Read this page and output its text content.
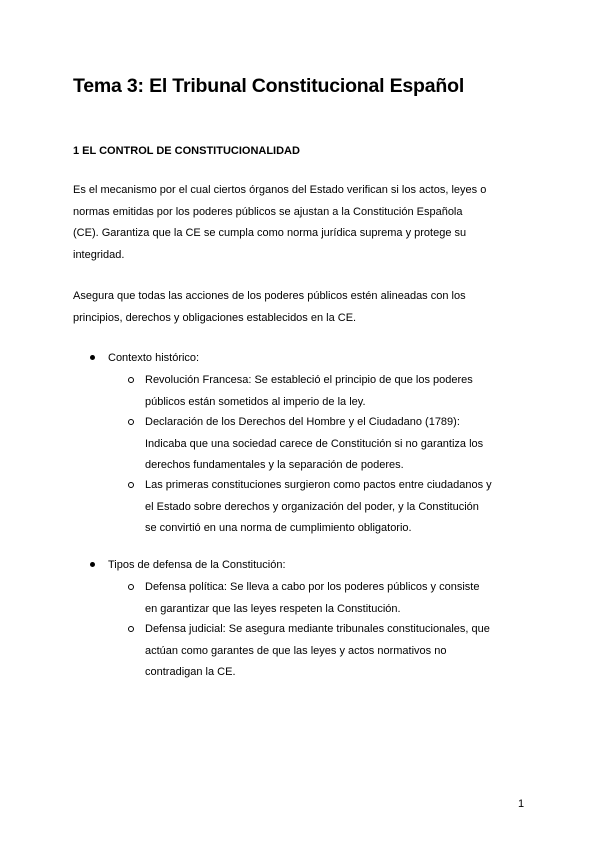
Tema 3: El Tribunal Constitucional Español
1 EL CONTROL DE CONSTITUCIONALIDAD

Es el mecanismo por el cual ciertos órganos del Estado verifican si los actos, leyes o
normas emitidas por los poderes públicos se ajustan a la Constitución Española
(CE). Garantiza que la CE se cumpla como norma jurídica suprema y protege su
integridad.

Asegura que todas las acciones de los poderes públicos estén alineadas con los
principios, derechos y obligaciones establecidos en la CE.

Contexto histórico:
Revolución Francesa: Se estableció el principio de que los poderes
públicos están sometidos al imperio de la ley.
Declaración de los Derechos del Hombre y el Ciudadano (1789):
Indicaba que una sociedad carece de Constitución si no garantiza los
derechos fundamentales y la separación de poderes.
Las primeras constituciones surgieron como pactos entre ciudadanos y
el Estado sobre derechos y organización del poder, y la Constitución
se convirtió en una norma de cumplimiento obligatorio.
Tipos de defensa de la Constitución:
Defensa política: Se lleva a cabo por los poderes públicos y consiste
en garantizar que las leyes respeten la Constitución.
Defensa judicial: Se asegura mediante tribunales constitucionales, que
actúan como garantes de que las leyes y actos normativos no
contradigan la CE.
1
